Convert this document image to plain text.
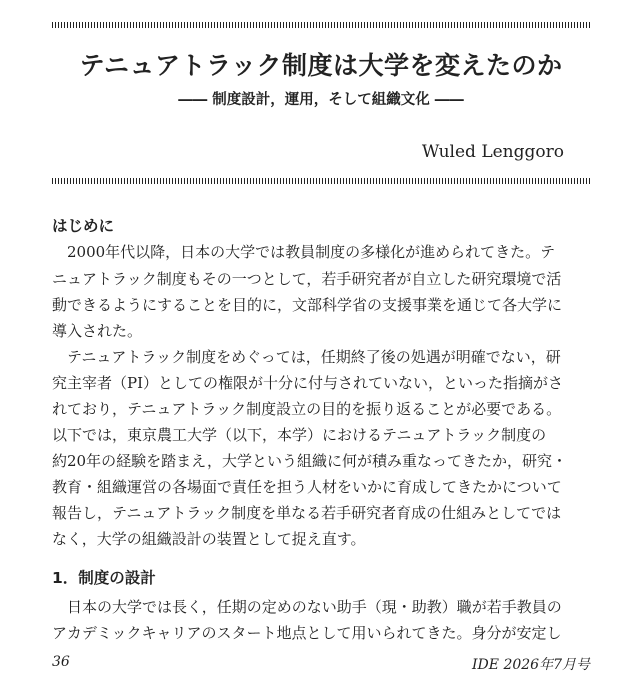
テニュアトラック制度は大学を変えたのか
―― 制度設計，運用，そして組織文化 ――
Wuled Lenggoro
はじめに
2000年代以降，日本の大学では教員制度の多様化が進められてきた。テ
ニュアトラック制度もその一つとして，若手研究者が自立した研究環境で活
動できるようにすることを目的に，文部科学省の支援事業を通じて各大学に
導入された。
テニュアトラック制度をめぐっては，任期終了後の処遇が明確でない，研
究主宰者（PI）としての権限が十分に付与されていない，といった指摘がさ
れており，テニュアトラック制度設立の目的を振り返ることが必要である。
以下では，東京農工大学（以下，本学）におけるテニュアトラック制度の
約20年の経験を踏まえ，大学という組織に何が積み重なってきたか，研究・
教育・組織運営の各場面で責任を担う人材をいかに育成してきたかについて
報告し，テニュアトラック制度を単なる若手研究者育成の仕組みとしてでは
なく，大学の組織設計の装置として捉え直す。
1．制度の設計
日本の大学では長く，任期の定めのない助手（現・助教）職が若手教員の
アカデミックキャリアのスタート地点として用いられてきた。身分が安定し
36	IDE 2026年7月号
